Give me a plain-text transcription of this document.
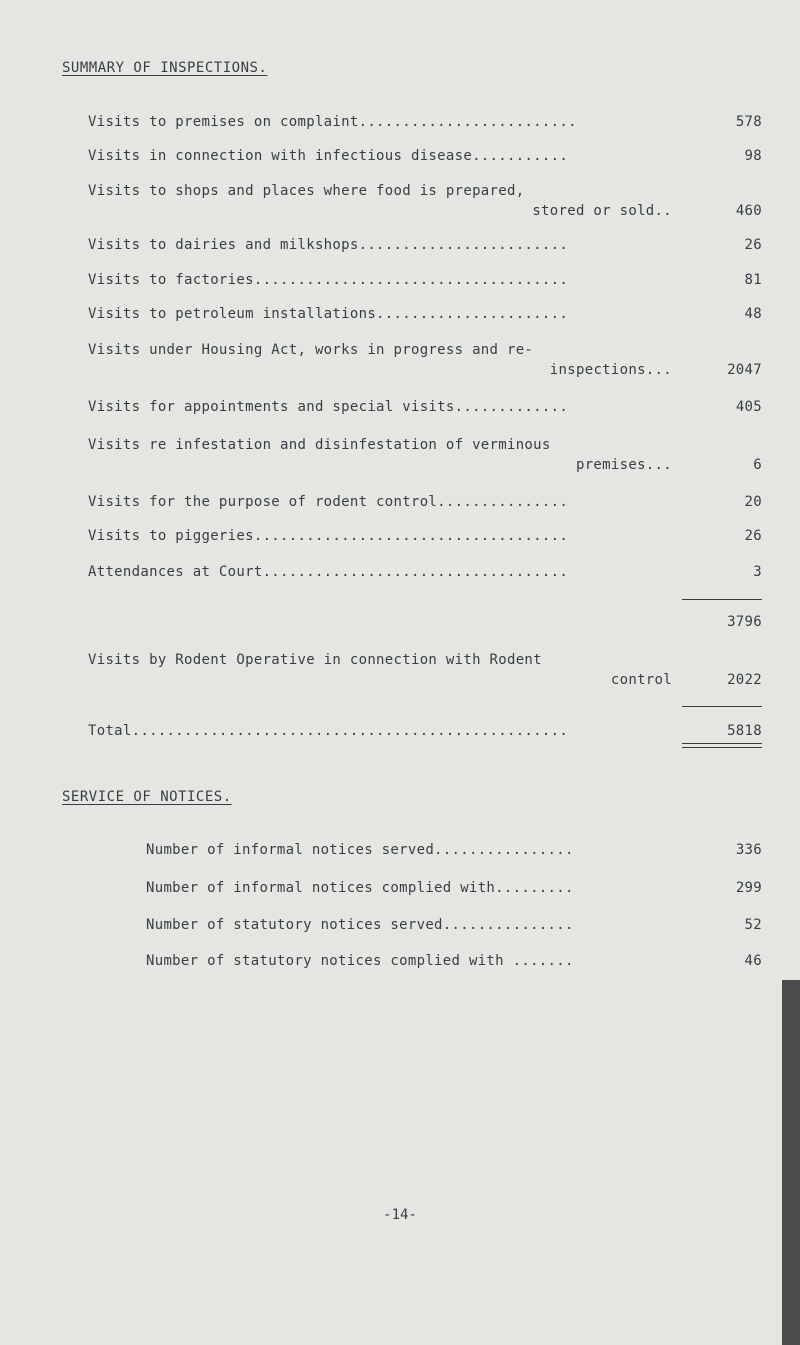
SUMMARY OF INSPECTIONS.
Visits to premises on complaint.........................	578
Visits in connection with infectious disease...........	98
Visits to shops and places where food is prepared,
stored or sold..	460
Visits to dairies and milkshops........................	26
Visits to factories....................................	81
Visits to petroleum installations......................	48
Visits under Housing Act, works in progress and re-
inspections...	2047
Visits for appointments and special visits.............	405
Visits re infestation and disinfestation of verminous
premises...	6
Visits for the purpose of rodent control...............	20
Visits to piggeries....................................	26
Attendances at Court...................................	3
3796
Visits by Rodent Operative in connection with Rodent
control	2022
Total..................................................	5818
SERVICE OF NOTICES.
Number of informal notices served................	336
Number of informal notices complied with.........	299
Number of statutory notices served...............	52
Number of statutory notices complied with .......	46
-14-
